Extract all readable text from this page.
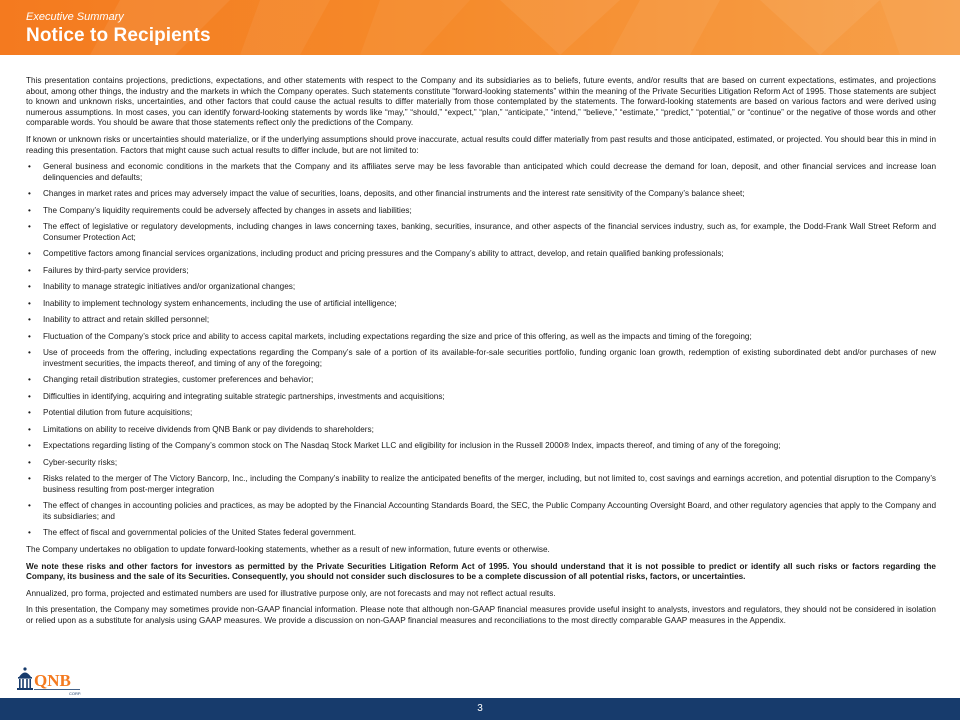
Executive Summary
Notice to Recipients

This presentation contains projections, predictions, expectations, and other statements with respect to the Company and its subsidiaries as to beliefs, future events, and/or results that are based on current expectations, estimates, and projections about, among other things, the industry and the markets in which the Company operates. Such statements constitute “forward-looking statements” within the meaning of the Private Securities Litigation Reform Act of 1995. Those statements are subject to known and unknown risks, uncertainties, and other factors that could cause the actual results to differ materially from those contemplated by the statements. The forward-looking statements are based on various factors and were derived using numerous assumptions. In most cases, you can identify forward-looking statements by words like “may,” “should,” “expect,” “plan,” “anticipate,” “intend,” “believe,” “estimate,” “predict,” “potential,” or “continue” or the negative of those words and other comparable words. You should be aware that those statements reflect only the predictions of the Company.

If known or unknown risks or uncertainties should materialize, or if the underlying assumptions should prove inaccurate, actual results could differ materially from past results and those anticipated, estimated, or projected. You should bear this in mind in reading this presentation. Factors that might cause such actual results to differ include, but are not limited to:

• General business and economic conditions in the markets that the Company and its affiliates serve may be less favorable than anticipated which could decrease the demand for loan, deposit, and other financial services and increase loan delinquencies and defaults;
• Changes in market rates and prices may adversely impact the value of securities, loans, deposits, and other financial instruments and the interest rate sensitivity of the Company’s balance sheet;
• The Company’s liquidity requirements could be adversely affected by changes in assets and liabilities;
• The effect of legislative or regulatory developments, including changes in laws concerning taxes, banking, securities, insurance, and other aspects of the financial services industry, such as, for example, the Dodd-Frank Wall Street Reform and Consumer Protection Act;
• Competitive factors among financial services organizations, including product and pricing pressures and the Company’s ability to attract, develop, and retain qualified banking professionals;
• Failures by third-party service providers;
• Inability to manage strategic initiatives and/or organizational changes;
• Inability to implement technology system enhancements, including the use of artificial intelligence;
• Inability to attract and retain skilled personnel;
• Fluctuation of the Company’s stock price and ability to access capital markets, including expectations regarding the size and price of this offering, as well as the impacts and timing of the foregoing;
• Use of proceeds from the offering, including expectations regarding the Company’s sale of a portion of its available-for-sale securities portfolio, funding organic loan growth, redemption of existing subordinated debt and/or purchases of new investment securities, the impacts thereof, and timing of any of the foregoing;
• Changing retail distribution strategies, customer preferences and behavior;
• Difficulties in identifying, acquiring and integrating suitable strategic partnerships, investments and acquisitions;
• Potential dilution from future acquisitions;
• Limitations on ability to receive dividends from QNB Bank or pay dividends to shareholders;
• Expectations regarding listing of the Company’s common stock on The Nasdaq Stock Market LLC and eligibility for inclusion in the Russell 2000® Index, impacts thereof, and timing of any of the foregoing;
• Cyber-security risks;
• Risks related to the merger of The Victory Bancorp, Inc., including the Company’s inability to realize the anticipated benefits of the merger, including, but not limited to, cost savings and earnings accretion, and potential disruption to the Company’s business resulting from post-merger integration
• The effect of changes in accounting policies and practices, as may be adopted by the Financial Accounting Standards Board, the SEC, the Public Company Accounting Oversight Board, and other regulatory agencies that apply to the Company and its subsidiaries; and
• The effect of fiscal and governmental policies of the United States federal government.

The Company undertakes no obligation to update forward-looking statements, whether as a result of new information, future events or otherwise.

We note these risks and other factors for investors as permitted by the Private Securities Litigation Reform Act of 1995. You should understand that it is not possible to predict or identify all such risks or factors regarding the Company, its business and the sale of its Securities. Consequently, you should not consider such disclosures to be a complete discussion of all potential risks, factors, or uncertainties.

Annualized, pro forma, projected and estimated numbers are used for illustrative purpose only, are not forecasts and may not reflect actual results.

In this presentation, the Company may sometimes provide non-GAAP financial information. Please note that although non-GAAP financial measures provide useful insight to analysts, investors and regulators, they should not be considered in isolation or relied upon as a substitute for analysis using GAAP measures. We provide a discussion on non-GAAP financial measures and reconciliations to the most directly comparable GAAP measures in the Appendix.

QNB
CORP.
3
